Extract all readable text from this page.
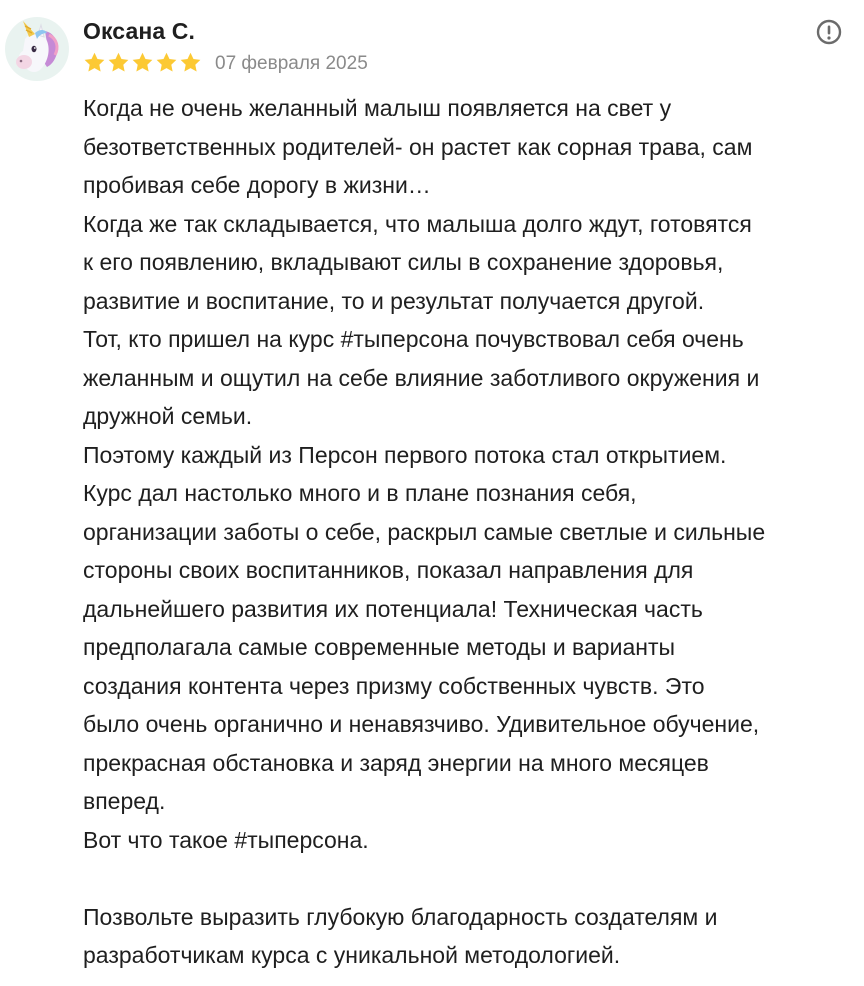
Оксана С.
07 февраля 2025
Когда не очень желанный малыш появляется на свет у
безответственных родителей- он растет как сорная трава, сам
пробивая себе дорогу в жизни…
Когда же так складывается, что малыша долго ждут, готовятся
к его появлению, вкладывают силы в сохранение здоровья,
развитие и воспитание, то и результат получается другой.
Тот, кто пришел на курс #тыперсона почувствовал себя очень
желанным и ощутил на себе влияние заботливого окружения и
дружной семьи.
Поэтому каждый из Персон первого потока стал открытием.
Курс дал настолько много и в плане познания себя,
организации заботы о себе, раскрыл самые светлые и сильные
стороны своих воспитанников, показал направления для
дальнейшего развития их потенциала! Техническая часть
предполагала самые современные методы и варианты
создания контента через призму собственных чувств. Это
было очень органично и ненавязчиво. Удивительное обучение,
прекрасная обстановка и заряд энергии на много месяцев
вперед.
Вот что такое #тыперсона.
Позвольте выразить глубокую благодарность создателям и
разработчикам курса с уникальной методологией.
